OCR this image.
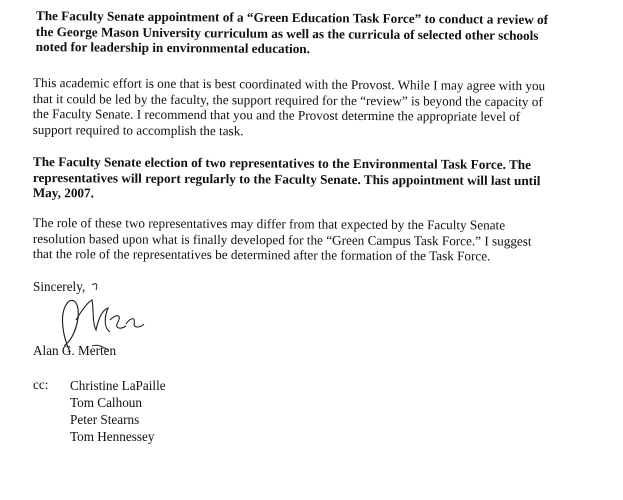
The Faculty Senate appointment of a “Green Education Task Force” to conduct a review of
the George Mason University curriculum as well as the curricula of selected other schools
noted for leadership in environmental education.
This academic effort is one that is best coordinated with the Provost. While I may agree with you
that it could be led by the faculty, the support required for the “review” is beyond the capacity of
the Faculty Senate. I recommend that you and the Provost determine the appropriate level of
support required to accomplish the task.
The Faculty Senate election of two representatives to the Environmental Task Force. The
representatives will report regularly to the Faculty Senate. This appointment will last until
May, 2007.
The role of these two representatives may differ from that expected by the Faculty Senate
resolution based upon what is finally developed for the “Green Campus Task Force.” I suggest
that the role of the representatives be determined after the formation of the Task Force.
Sincerely,
Alan G. Merten
cc: Christine LaPaille
Tom Calhoun
Peter Stearns
Tom Hennessey
